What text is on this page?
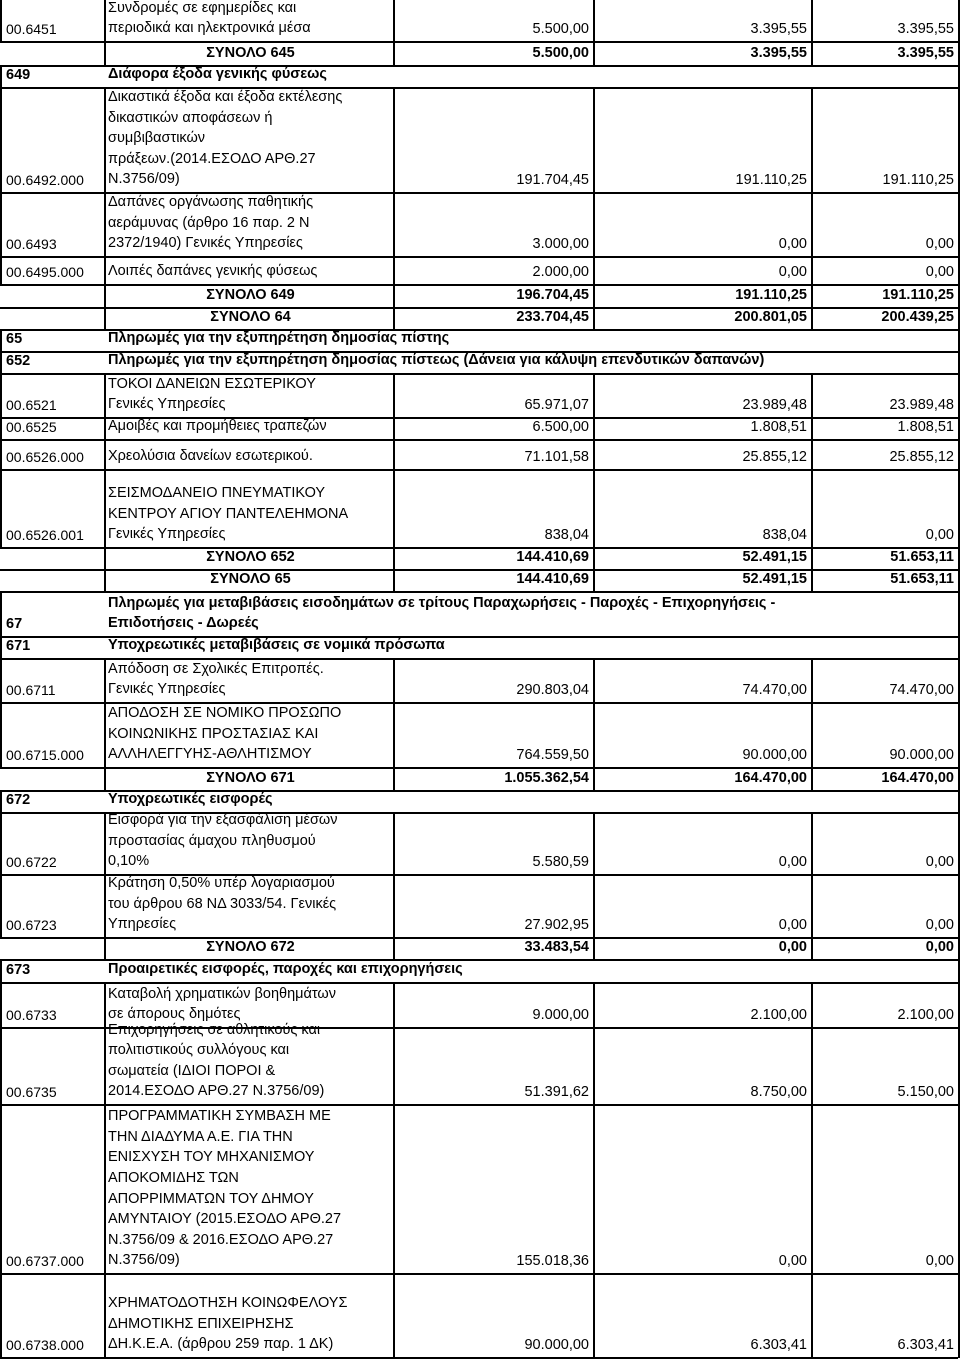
00.6451
Συνδρομές σε εφημερίδες και
περιοδικά και ηλεκτρονικά μέσα	5.500,00	3.395,55	3.395,55
ΣΥΝΟΛΟ 645	5.500,00	3.395,55	3.395,55
649	Διάφορα έξοδα γενικής φύσεως
00.6492.000
Δικαστικά έξοδα και έξοδα εκτέλεσης
δικαστικών αποφάσεων ή
συμβιβαστικών
πράξεων.(2014.ΕΣΟΔΟ ΑΡΘ.27
Ν.3756/09)	191.704,45	191.110,25	191.110,25
00.6493
Δαπάνες οργάνωσης παθητικής
αεράμυνας (άρθρο 16 παρ. 2 Ν
2372/1940) Γενικές Υπηρεσίες	3.000,00	0,00	0,00
00.6495.000 Λοιπές δαπάνες γενικής φύσεως	2.000,00	0,00	0,00
ΣΥΝΟΛΟ 649	196.704,45	191.110,25	191.110,25
ΣΥΝΟΛΟ 64	233.704,45	200.801,05	200.439,25
65	Πληρωμές για την εξυπηρέτηση δημοσίας πίστης
652	Πληρωμές για την εξυπηρέτηση δημοσίας πίστεως (Δάνεια για κάλυψη επενδυτικών δαπανών)
00.6521
ΤΟΚΟΙ ΔΑΝΕΙΩΝ ΕΣΩΤΕΡΙΚΟΥ
Γενικές Υπηρεσίες	65.971,07	23.989,48	23.989,48
00.6525	Αμοιβές και προμήθειες τραπεζών	6.500,00	1.808,51	1.808,51
00.6526.000 Χρεολύσια δανείων εσωτερικού.	71.101,58	25.855,12	25.855,12
00.6526.001
ΣΕΙΣΜΟΔΑΝΕΙΟ ΠΝΕΥΜΑΤΙΚΟΥ
ΚΕΝΤΡΟΥ ΑΓΙΟΥ ΠΑΝΤΕΛΕΗΜΟΝΑ
Γενικές Υπηρεσίες	838,04	838,04	0,00
ΣΥΝΟΛΟ 652	144.410,69	52.491,15	51.653,11
ΣΥΝΟΛΟ 65	144.410,69	52.491,15	51.653,11
67
Πληρωμές για μεταβιβάσεις εισοδημάτων σε τρίτους Παραχωρήσεις - Παροχές - Επιχορηγήσεις -
Επιδοτήσεις - Δωρεές
671	Υποχρεωτικές μεταβιβάσεις σε νομικά πρόσωπα
00.6711
Απόδοση σε Σχολικές Επιτροπές.
Γενικές Υπηρεσίες	290.803,04	74.470,00	74.470,00
00.6715.000
ΑΠΟΔΟΣΗ ΣΕ ΝΟΜΙΚΟ ΠΡΟΣΩΠΟ
ΚΟΙΝΩΝΙΚΗΣ ΠΡΟΣΤΑΣΙΑΣ ΚΑΙ
ΑΛΛΗΛΕΓΓΥΗΣ-ΑΘΛΗΤΙΣΜΟΥ	764.559,50	90.000,00	90.000,00
ΣΥΝΟΛΟ 671	1.055.362,54	164.470,00	164.470,00
672	Υποχρεωτικές εισφορές
00.6722
Εισφορά για την εξασφάλιση μέσων
προστασίας άμαχου πληθυσμού
0,10%	5.580,59	0,00	0,00
00.6723
Κράτηση 0,50% υπέρ λογαριασμού
του άρθρου 68 ΝΔ 3033/54. Γενικές
Υπηρεσίες	27.902,95	0,00	0,00
ΣΥΝΟΛΟ 672	33.483,54	0,00	0,00
673	Προαιρετικές εισφορές, παροχές και επιχορηγήσεις
00.6733
Καταβολή χρηματικών βοηθημάτων
σε άπορους δημότες	9.000,00	2.100,00	2.100,00
00.6735
Επιχορηγήσεις σε αθλητικούς και
πολιτιστικούς συλλόγους και
σωματεία (ΙΔΙΟΙ ΠΟΡΟΙ &
2014.ΕΣΟΔΟ ΑΡΘ.27 Ν.3756/09)	51.391,62	8.750,00	5.150,00
00.6737.000
ΠΡΟΓΡΑΜΜΑΤΙΚΗ ΣΥΜΒΑΣΗ ΜΕ
ΤΗΝ ΔΙΑΔΥΜΑ Α.Ε. ΓΙΑ ΤΗΝ
ΕΝΙΣΧΥΣΗ ΤΟΥ ΜΗΧΑΝΙΣΜΟΥ
ΑΠΟΚΟΜΙΔΗΣ ΤΩΝ
ΑΠΟΡΡΙΜΜΑΤΩΝ ΤΟΥ ΔΗΜΟΥ
ΑΜΥΝΤΑΙΟΥ (2015.ΕΣΟΔΟ ΑΡΘ.27
Ν.3756/09 & 2016.ΕΣΟΔΟ ΑΡΘ.27
Ν.3756/09)	155.018,36	0,00	0,00
00.6738.000
ΧΡΗΜΑΤΟΔΟΤΗΣΗ ΚΟΙΝΩΦΕΛΟΥΣ
ΔΗΜΟΤΙΚΗΣ ΕΠΙΧΕΙΡΗΣΗΣ
ΔΗ.Κ.Ε.Α. (άρθρου 259 παρ. 1 ΔΚ)	90.000,00	6.303,41	6.303,41
